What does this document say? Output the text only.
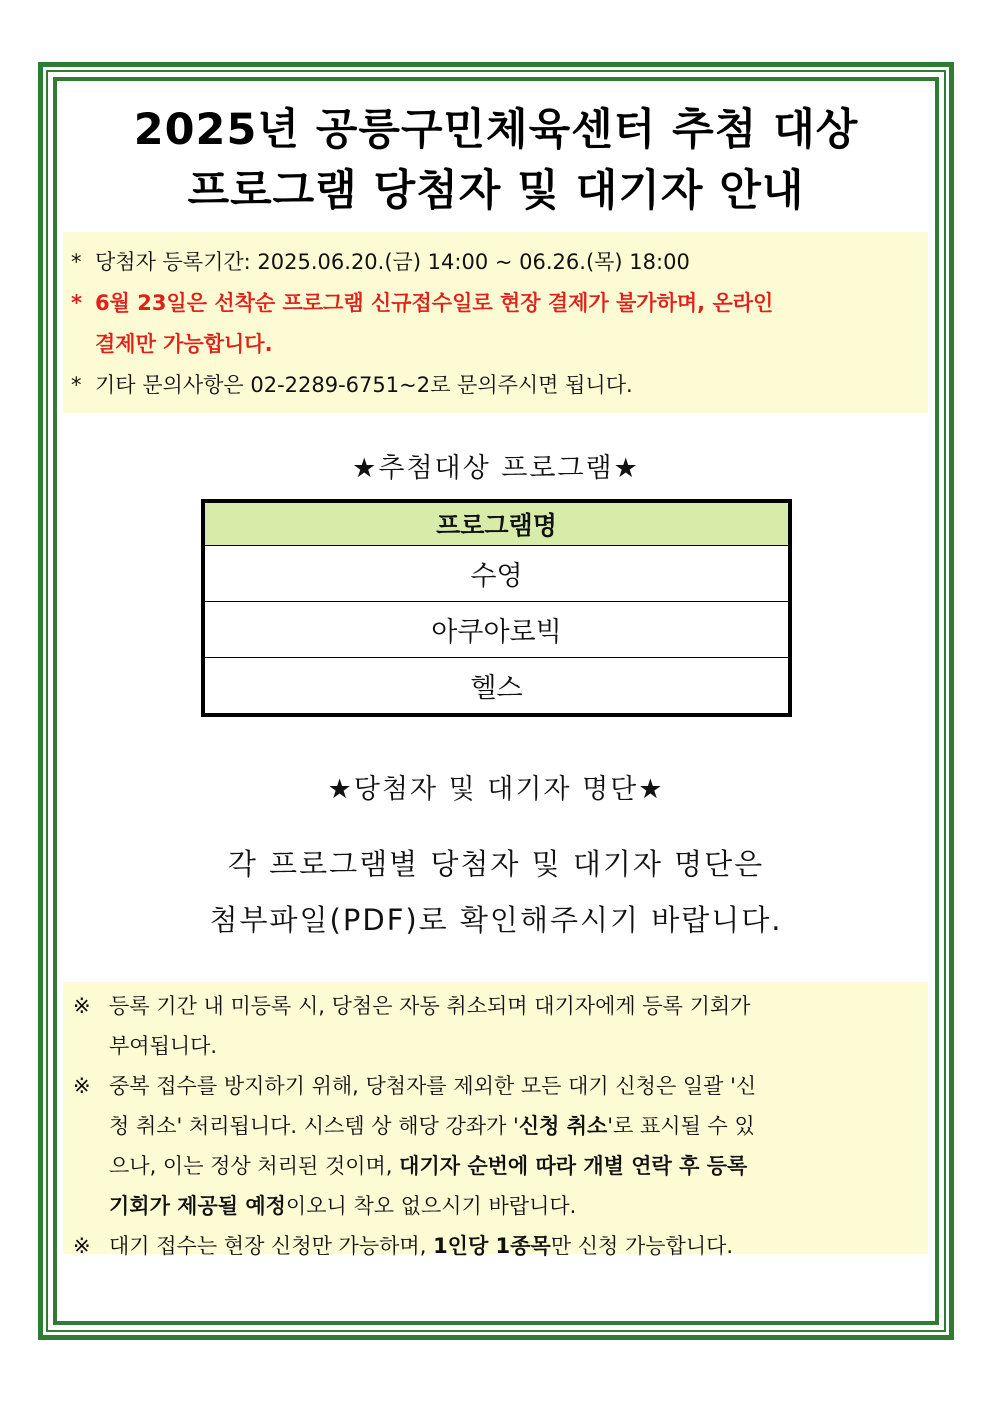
2025년 공릉구민체육센터 추첨 대상
프로그램 당첨자 및 대기자 안내
* 당첨자 등록기간: 2025.06.20.(금) 14:00 ~ 06.26.(목) 18:00
* 6월 23일은 선착순 프로그램 신규접수일로 현장 결제가 불가하며, 온라인
결제만 가능합니다.
* 기타 문의사항은 02-2289-6751~2로 문의주시면 됩니다.
★추첨대상 프로그램★
프로그램명
수영
아쿠아로빅
헬스
★당첨자 및 대기자 명단★
각 프로그램별 당첨자 및 대기자 명단은
첨부파일(PDF)로 확인해주시기 바랍니다.
※ 등록 기간 내 미등록 시, 당첨은 자동 취소되며 대기자에게 등록 기회가
부여됩니다.
※ 중복 접수를 방지하기 위해, 당첨자를 제외한 모든 대기 신청은 일괄 '신
청 취소' 처리됩니다. 시스템 상 해당 강좌가 '신청 취소'로 표시될 수 있
으나, 이는 정상 처리된 것이며, 대기자 순번에 따라 개별 연락 후 등록
기회가 제공될 예정이오니 착오 없으시기 바랍니다.
※ 대기 접수는 현장 신청만 가능하며, 1인당 1종목만 신청 가능합니다.
